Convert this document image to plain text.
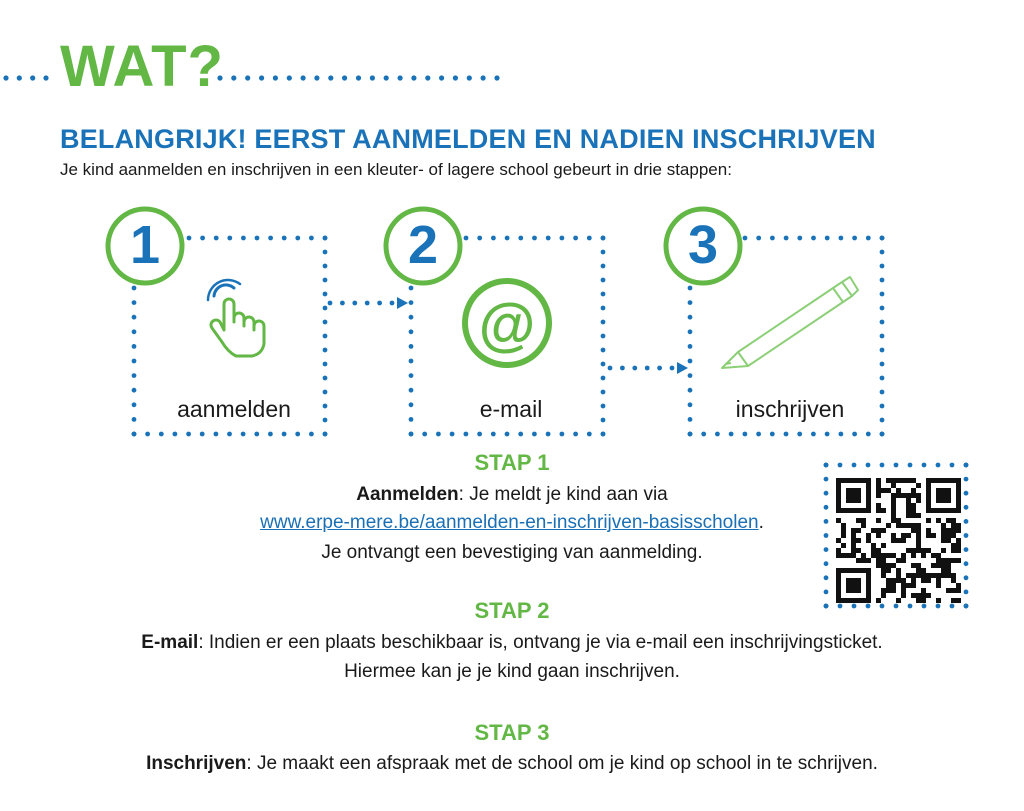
@
WAT?
BELANGRIJK! EERST AANMELDEN EN NADIEN INSCHRIJVEN
Je kind aanmelden en inschrijven in een kleuter- of lagere school gebeurt in drie stappen:
1	2	3
aanmelden	e-mail	inschrijven
STAP 1
Aanmelden: Je meldt je kind aan via
www.erpe-mere.be/aanmelden-en-inschrijven-basisscholen.
Je ontvangt een bevestiging van aanmelding.
STAP 2
E-mail: Indien er een plaats beschikbaar is, ontvang je via e-mail een inschrijvingsticket.
Hiermee kan je je kind gaan inschrijven.
STAP 3
Inschrijven: Je maakt een afspraak met de school om je kind op school in te schrijven.
